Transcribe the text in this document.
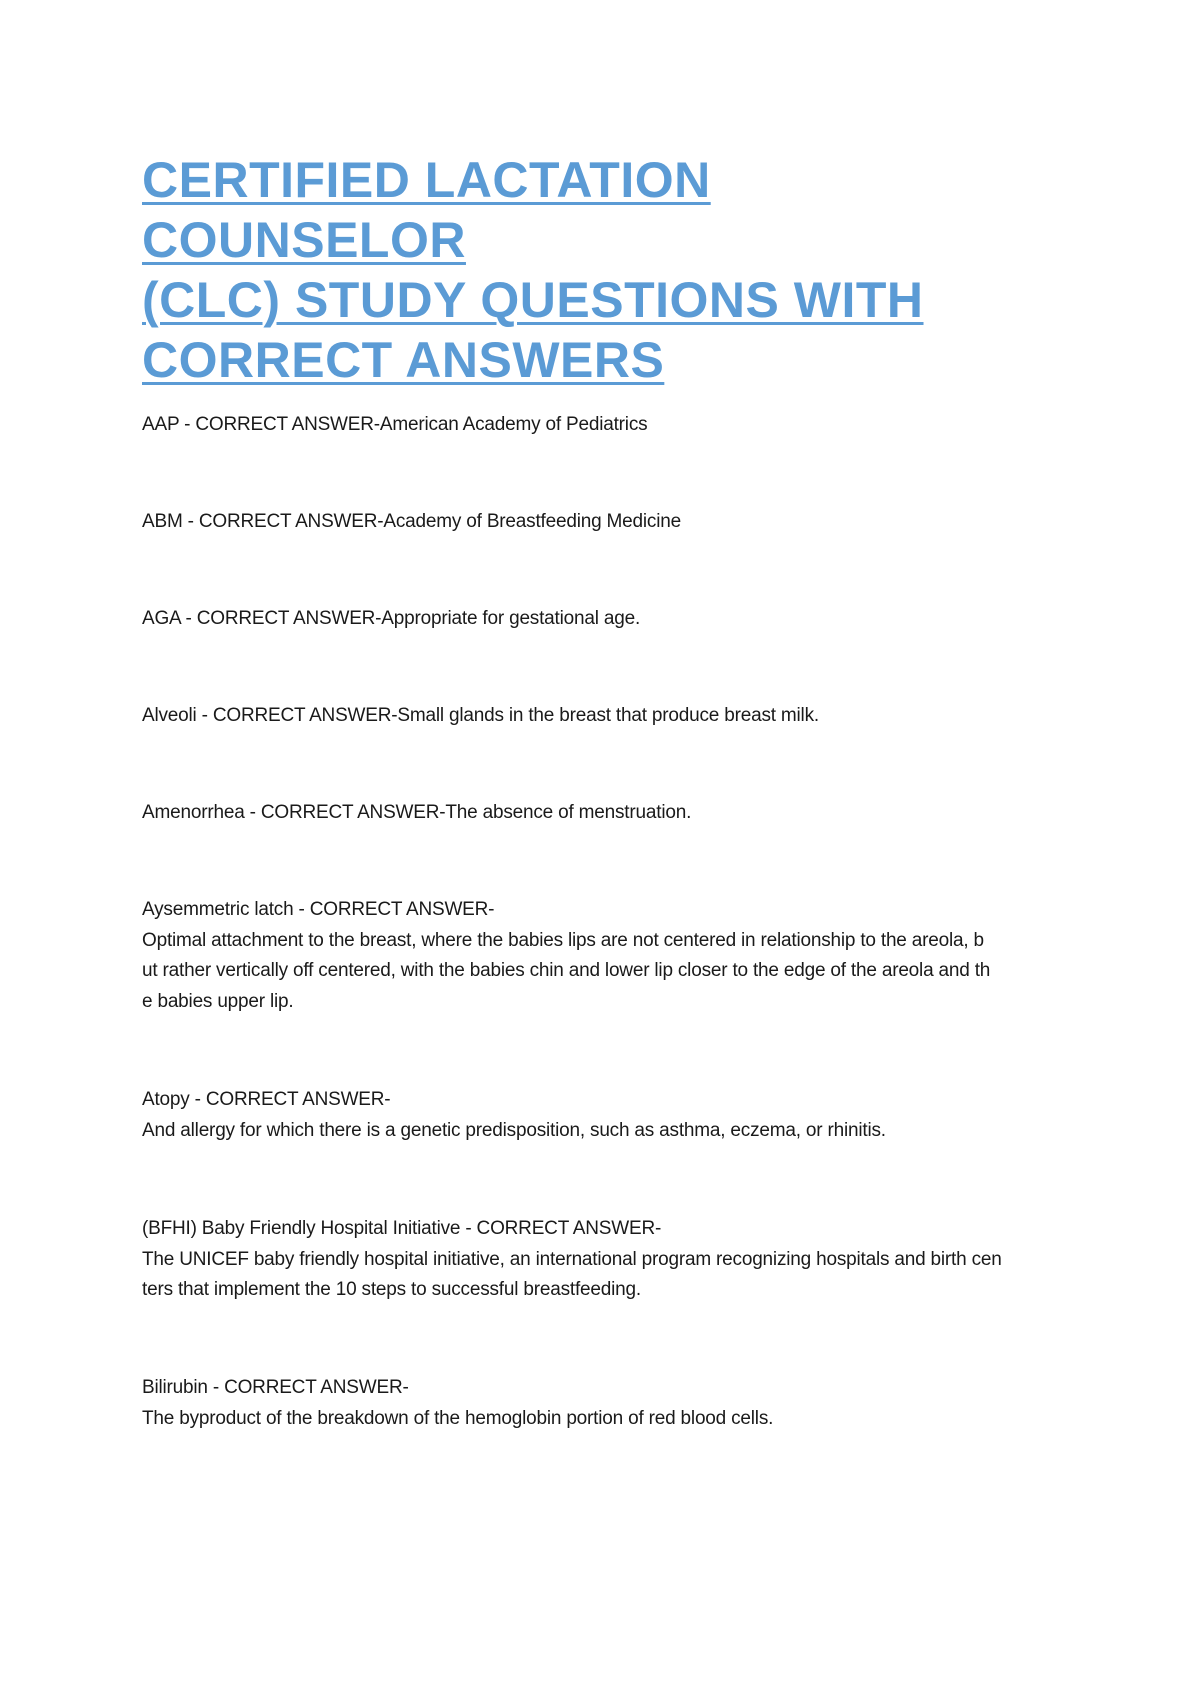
CERTIFIED LACTATION COUNSELOR
(CLC) STUDY QUESTIONS WITH
CORRECT ANSWERS
AAP - CORRECT ANSWER-American Academy of Pediatrics
ABM - CORRECT ANSWER-Academy of Breastfeeding Medicine
AGA - CORRECT ANSWER-Appropriate for gestational age.
Alveoli - CORRECT ANSWER-Small glands in the breast that produce breast milk.
Amenorrhea - CORRECT ANSWER-The absence of menstruation.
Aysemmetric latch - CORRECT ANSWER-
Optimal attachment to the breast, where the babies lips are not centered in relationship to the areola, b
ut rather vertically off centered, with the babies chin and lower lip closer to the edge of the areola and th
e babies upper lip.
Atopy - CORRECT ANSWER-
And allergy for which there is a genetic predisposition, such as asthma, eczema, or rhinitis.
(BFHI) Baby Friendly Hospital Initiative - CORRECT ANSWER-
The UNICEF baby friendly hospital initiative, an international program recognizing hospitals and birth cen
ters that implement the 10 steps to successful breastfeeding.
Bilirubin - CORRECT ANSWER-
The byproduct of the breakdown of the hemoglobin portion of red blood cells.
